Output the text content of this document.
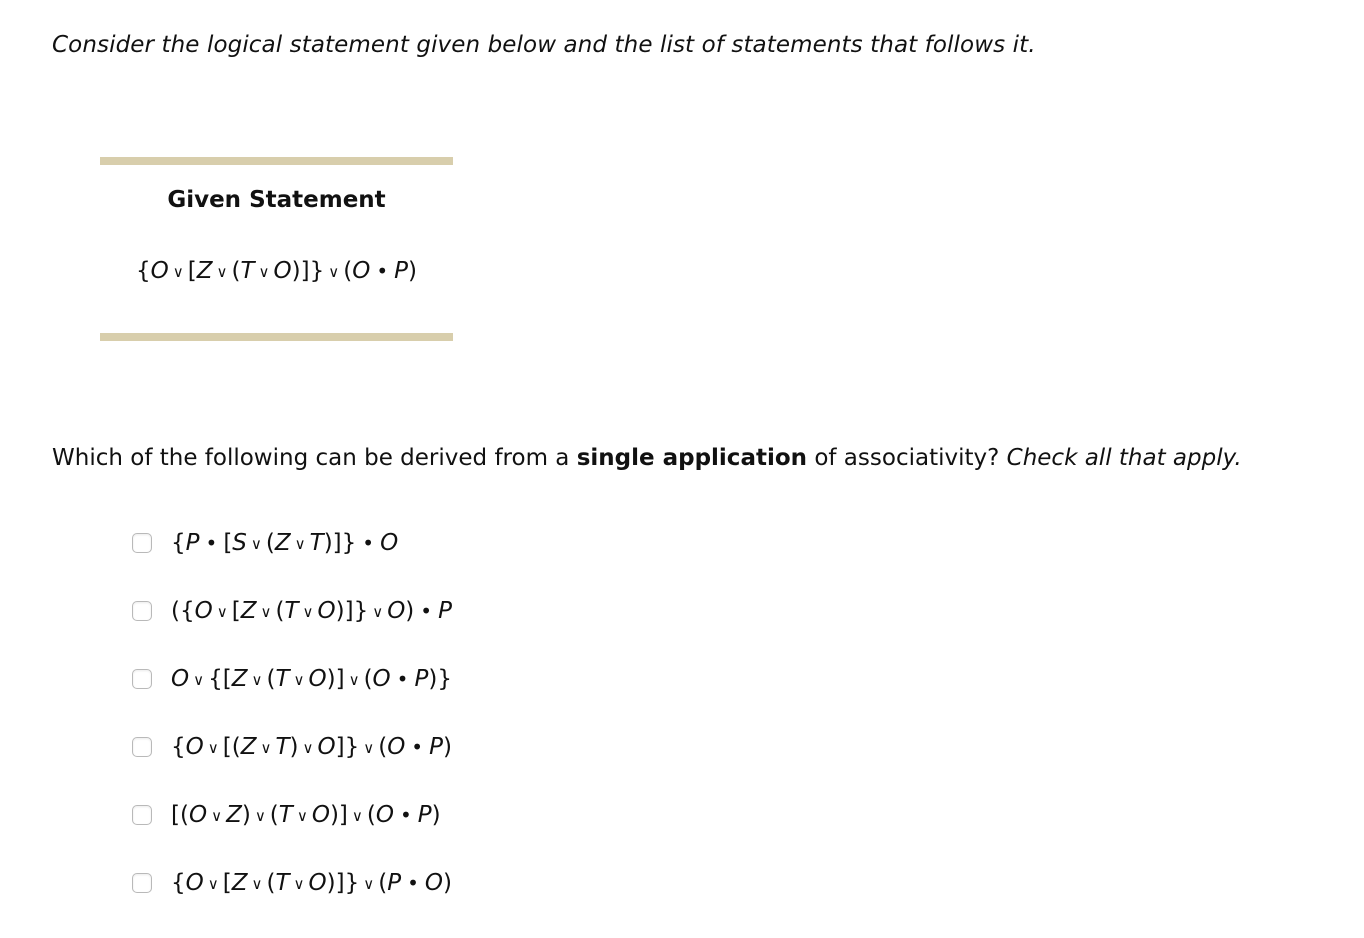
Consider the logical statement given below and the list of statements that follows it.
Given Statement
{O ∨ [Z ∨ (T ∨ O)]} ∨ (O • P)
Which of the following can be derived from a single application of associativity? Check all that apply.
{P • [S ∨ (Z ∨ T)]} • O
({O ∨ [Z ∨ (T ∨ O)]} ∨ O) • P
O ∨ {[Z ∨ (T ∨ O)] ∨ (O • P)}
{O ∨ [(Z ∨ T) ∨ O]} ∨ (O • P)
[(O ∨ Z) ∨ (T ∨ O)] ∨ (O • P)
{O ∨ [Z ∨ (T ∨ O)]} ∨ (P • O)
